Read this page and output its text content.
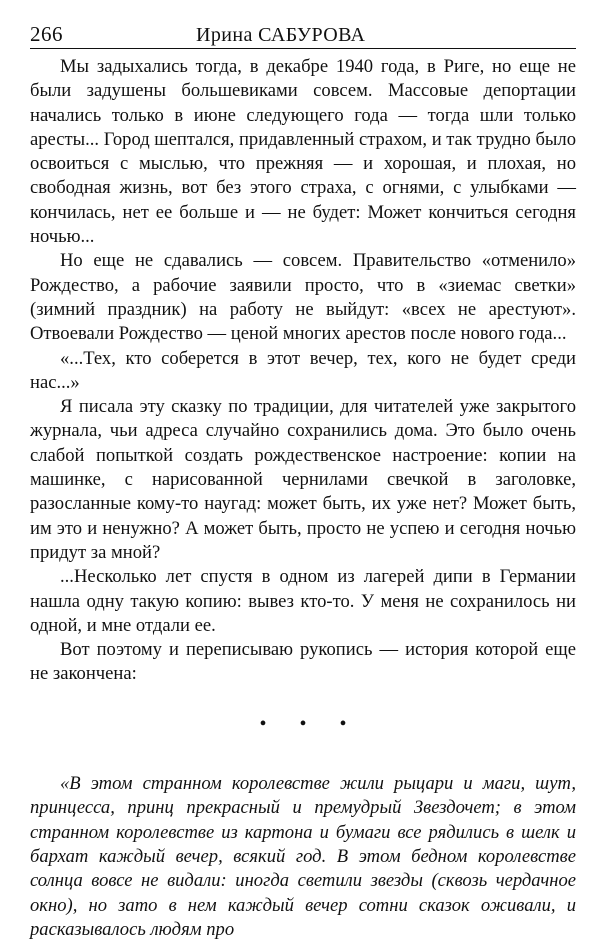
266	Ирина САБУРОВА

Мы задыхались тогда, в декабре 1940 года, в Риге, но еще не были задушены большевиками совсем. Массовые депортации начались только в июне следующего года — тогда шли только аресты... Город шептался, придавленный страхом, и так трудно было освоиться с мыслью, что прежняя — и хорошая, и плохая, но свободная жизнь, вот без этого страха, с огнями, с улыбками — кончилась, нет ее больше и — не будет: Может кончиться сегодня ночью...

Но еще не сдавались — совсем. Правительство «отменило» Рождество, а рабочие заявили просто, что в «зиемас светки» (зимний праздник) на работу не выйдут: «всех не арестуют». Отвоевали Рождество — ценой многих арестов после нового года...

«...Тех, кто соберется в этот вечер, тех, кого не будет среди нас...»

Я писала эту сказку по традиции, для читателей уже закрытого журнала, чьи адреса случайно сохранились дома. Это было очень слабой попыткой создать рождественское настроение: копии на машинке, с нарисованной чернилами свечкой в заголовке, разосланные кому-то наугад: может быть, их уже нет? Может быть, им это и ненужно? А может быть, просто не успею и сегодня ночью придут за мной?

...Несколько лет спустя в одном из лагерей дипи в Германии нашла одну такую копию: вывез кто-то. У меня не сохранилось ни одной, и мне отдали ее.

Вот поэтому и переписываю рукопись — история которой еще не закончена:

• • •

«В этом странном королевстве жили рыцари и маги, шут, принцесса, принц прекрасный и премудрый Звездочет; в этом странном королевстве из картона и бумаги все рядились в шелк и бархат каждый вечер, всякий год. В этом бедном королевстве солнца вовсе не видали: иногда светили звезды (сквозь чердачное окно), но зато в нем каждый вечер сотни сказок оживали, и расказывалось людям про
